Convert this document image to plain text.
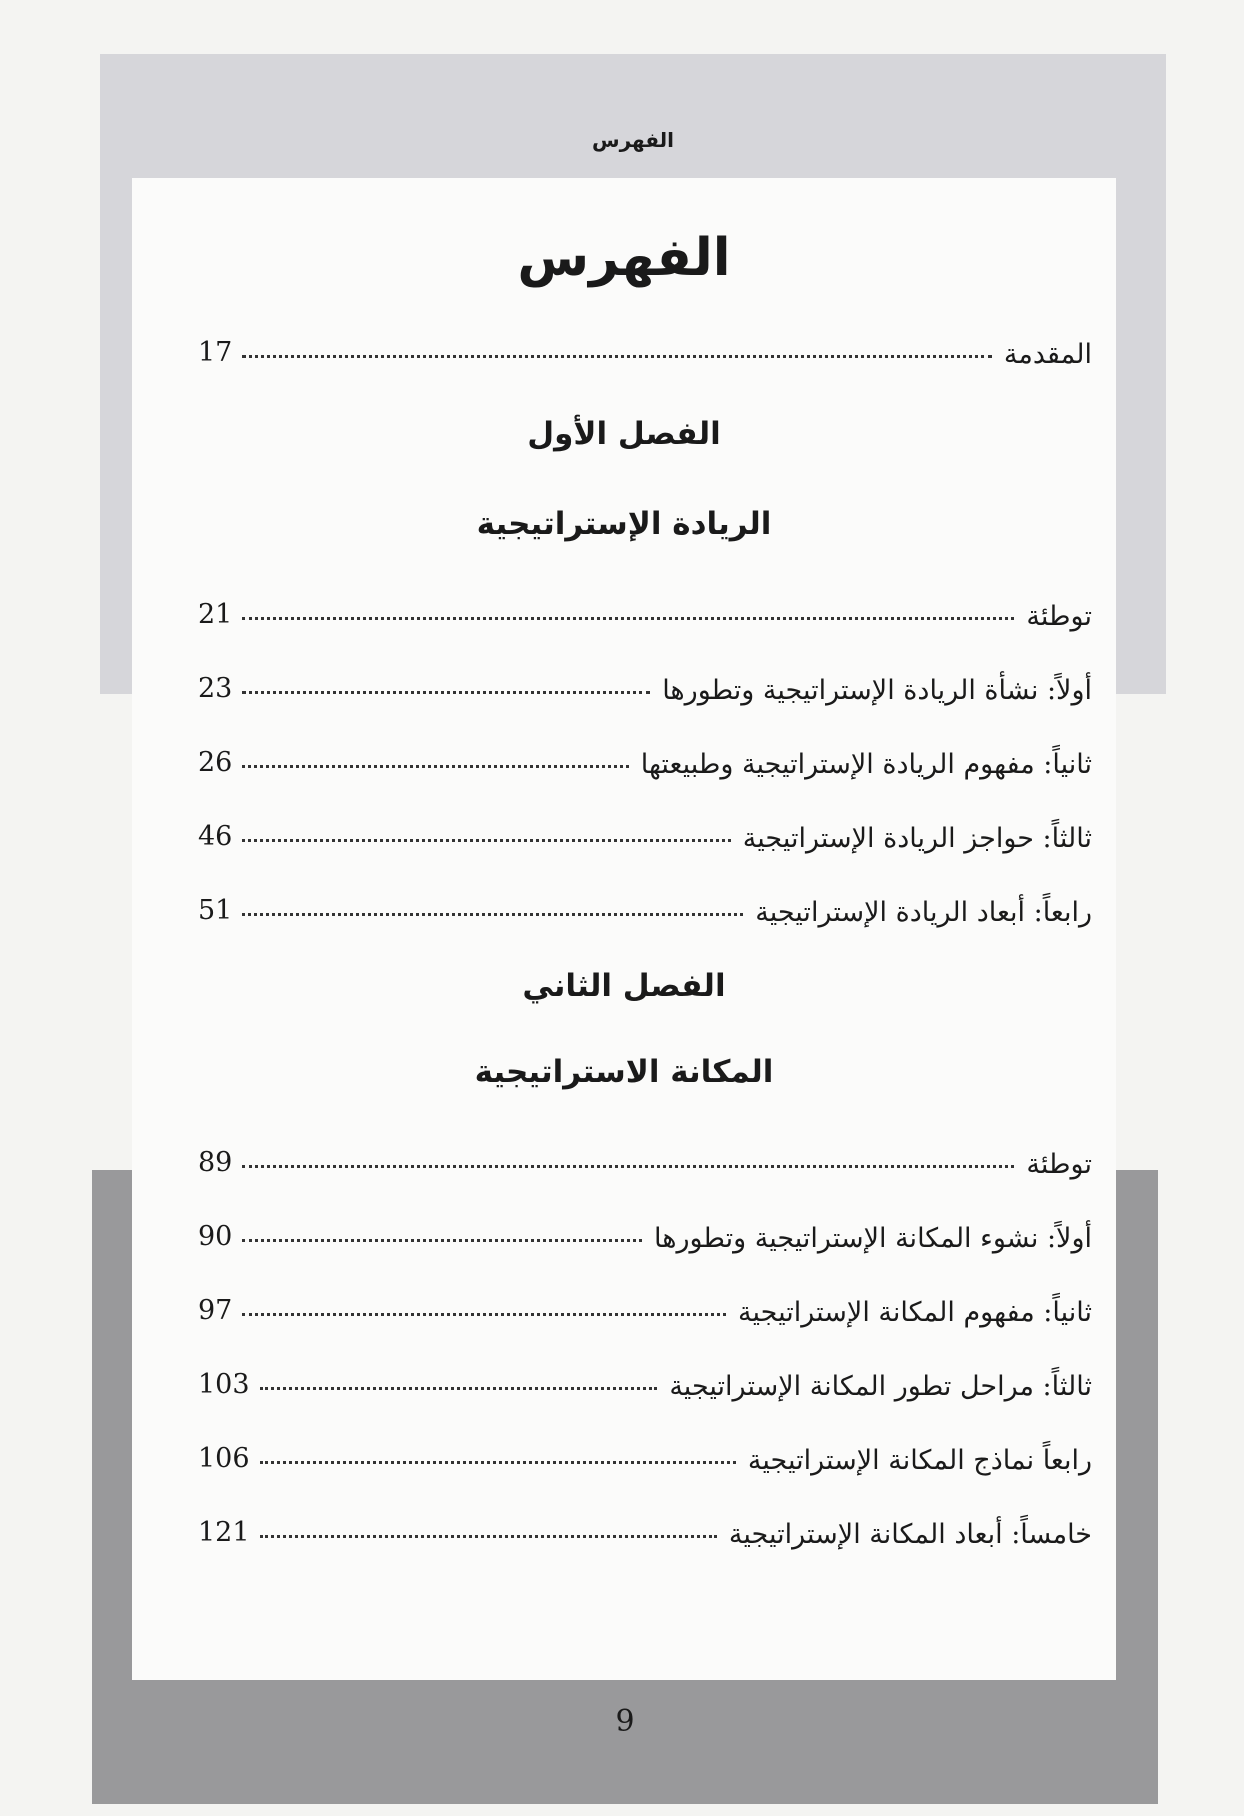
الفهرس
الفهرس
المقدمة
17
الفصل الأول
الريادة الإستراتيجية
توطئة
21
أولاً: نشأة الريادة الإستراتيجية وتطورها
23
ثانياً: مفهوم الريادة الإستراتيجية وطبيعتها
26
ثالثاً: حواجز الريادة الإستراتيجية
46
رابعاً: أبعاد الريادة الإستراتيجية
51
الفصل الثاني
المكانة الاستراتيجية
توطئة
89
أولاً: نشوء المكانة الإستراتيجية وتطورها
90
ثانياً: مفهوم المكانة الإستراتيجية
97
ثالثاً: مراحل تطور المكانة الإستراتيجية
103
رابعاً نماذج المكانة الإستراتيجية
106
خامساً: أبعاد المكانة الإستراتيجية
121
9
